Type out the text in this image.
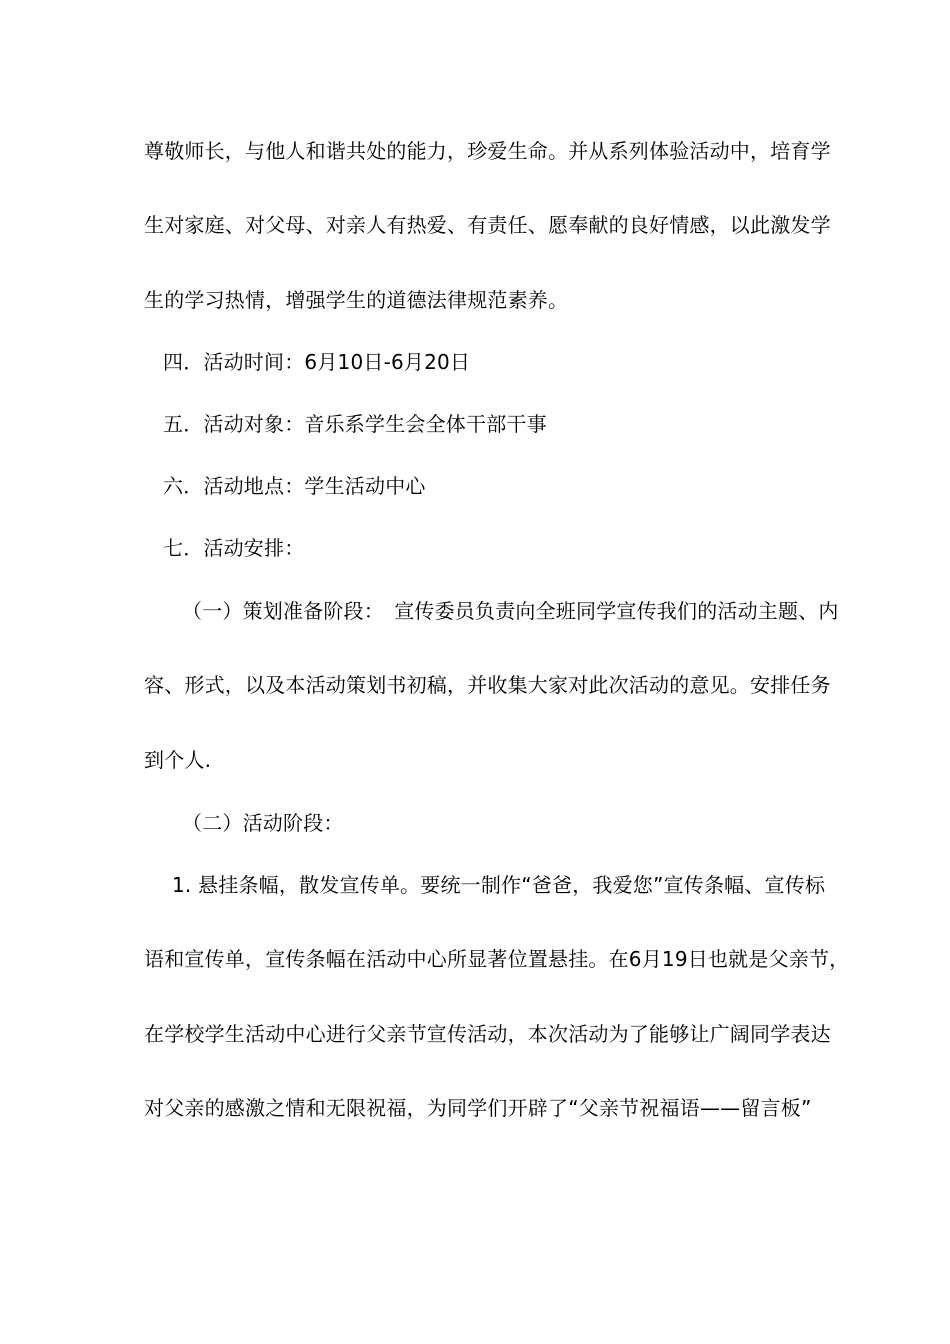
尊敬师长，与他人和谐共处的能力，珍爱生命。并从系列体验活动中，培育学
生对家庭、对父母、对亲人有热爱、有责任、愿奉献的良好情感，以此激发学
生的学习热情，增强学生的道德法律规范素养。
四．活动时间：6月10日-6月20日
五．活动对象：音乐系学生会全体干部干事
六．活动地点：学生活动中心
七．活动安排：
（一）策划准备阶段：　宣传委员负责向全班同学宣传我们的活动主题、内
容、形式，以及本活动策划书初稿，并收集大家对此次活动的意见。安排任务
到个人.
（二）活动阶段：
1. 悬挂条幅，散发宣传单。要统一制作“爸爸，我爱您”宣传条幅、宣传标
语和宣传单，宣传条幅在活动中心所显著位置悬挂。在6月19日也就是父亲节，
在学校学生活动中心进行父亲节宣传活动，本次活动为了能够让广阔同学表达
对父亲的感激之情和无限祝福，为同学们开辟了“父亲节祝福语——留言板”
